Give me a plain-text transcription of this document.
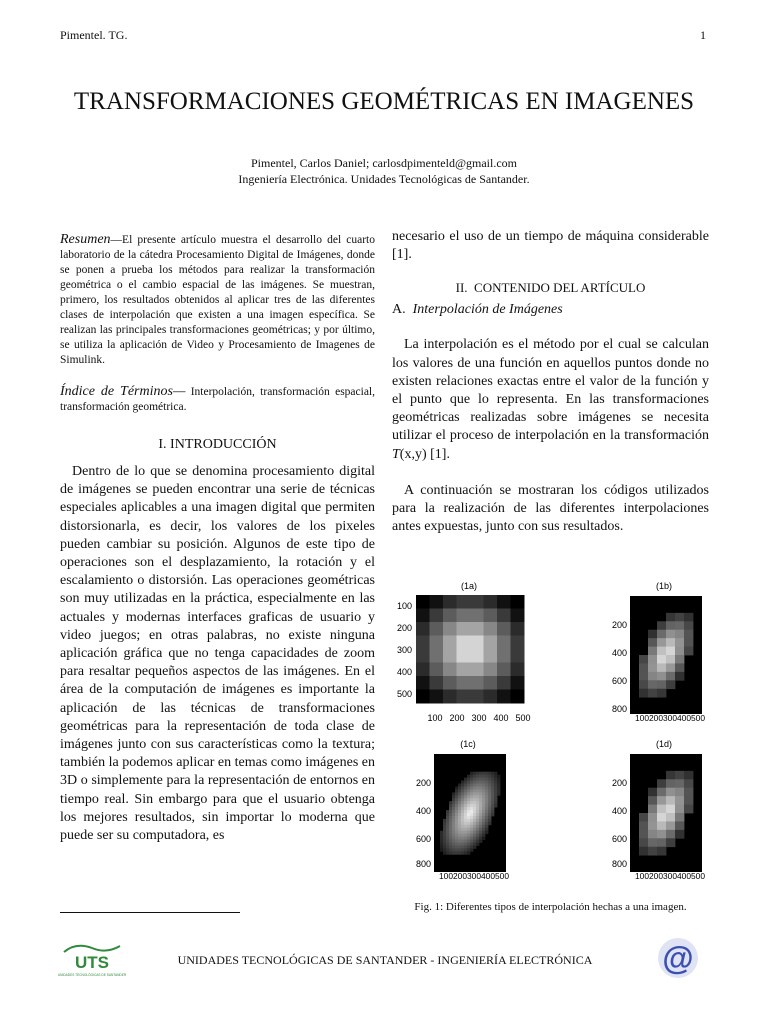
Pimentel. TG.	1
TRANSFORMACIONES GEOMÉTRICAS EN IMAGENES
Pimentel, Carlos Daniel; carlosdpimenteld@gmail.com
Ingeniería Electrónica. Unidades Tecnológicas de Santander.

Resumen—El presente artículo muestra el desarrollo del cuarto laboratorio de la cátedra Procesamiento Digital de Imágenes, donde se ponen a prueba los métodos para realizar la transformación geométrica o el cambio espacial de las imágenes. Se muestran, primero, los resultados obtenidos al aplicar tres de las diferentes clases de interpolación que existen a una imagen específica. Se realizan las principales transformaciones geométricas; y por último, se utiliza la aplicación de Video y Procesamiento de Imagenes de Simulink.

Índice de Términos— Interpolación, transformación espacial, transformación geométrica.

I. INTRODUCCIÓN

Dentro de lo que se denomina procesamiento digital de imágenes se pueden encontrar una serie de técnicas especiales aplicables a una imagen digital que permiten distorsionarla, es decir, los valores de los pixeles pueden cambiar su posición. Algunos de este tipo de operaciones son el desplazamiento, la rotación y el escalamiento o distorsión. Las operaciones geométricas son muy utilizadas en la práctica, especialmente en las actuales y modernas interfaces graficas de usuario y video juegos; en otras palabras, no existe ninguna aplicación gráfica que no tenga capacidades de zoom para resaltar pequeños aspectos de las imágenes. En el área de la computación de imágenes es importante la aplicación de las técnicas de transformaciones geométricas para la representación de toda clase de imágenes junto con sus características como la textura; también la podemos aplicar en temas como imágenes en 3D o simplemente para la representación de entornos en tiempo real. Sin embargo para que el usuario obtenga los mejores resultados, sin importar lo moderna que puede ser su computadora, es

necesario el uso de un tiempo de máquina considerable [1].

II. CONTENIDO DEL ARTÍCULO

A. Interpolación de Imágenes

La interpolación es el método por el cual se calculan los valores de una función en aquellos puntos donde no existen relaciones exactas entre el valor de la función y el punto que lo representa. En las transformaciones geométricas realizadas sobre imágenes se necesita utilizar el proceso de interpolación en la transformación T(x,y) [1].

A continuación se mostraran los códigos utilizados para la realización de las diferentes interpolaciones antes expuestas, junto con sus resultados.

(1a)
100
200
300
400
500
100 200 300 400 500
(1b)
200
400
600
800
100200300400500
(1c)
200
400
600
800
100200300400500
(1d)
200
400
600
800
100200300400500
Fig. 1: Diferentes tipos de interpolación hechas a una imagen.
UTS
UNIDADES TECNOLÓGICAS DE SANTANDER
UNIDADES TECNOLÓGICAS DE SANTANDER - INGENIERÍA ELECTRÓNICA	@
